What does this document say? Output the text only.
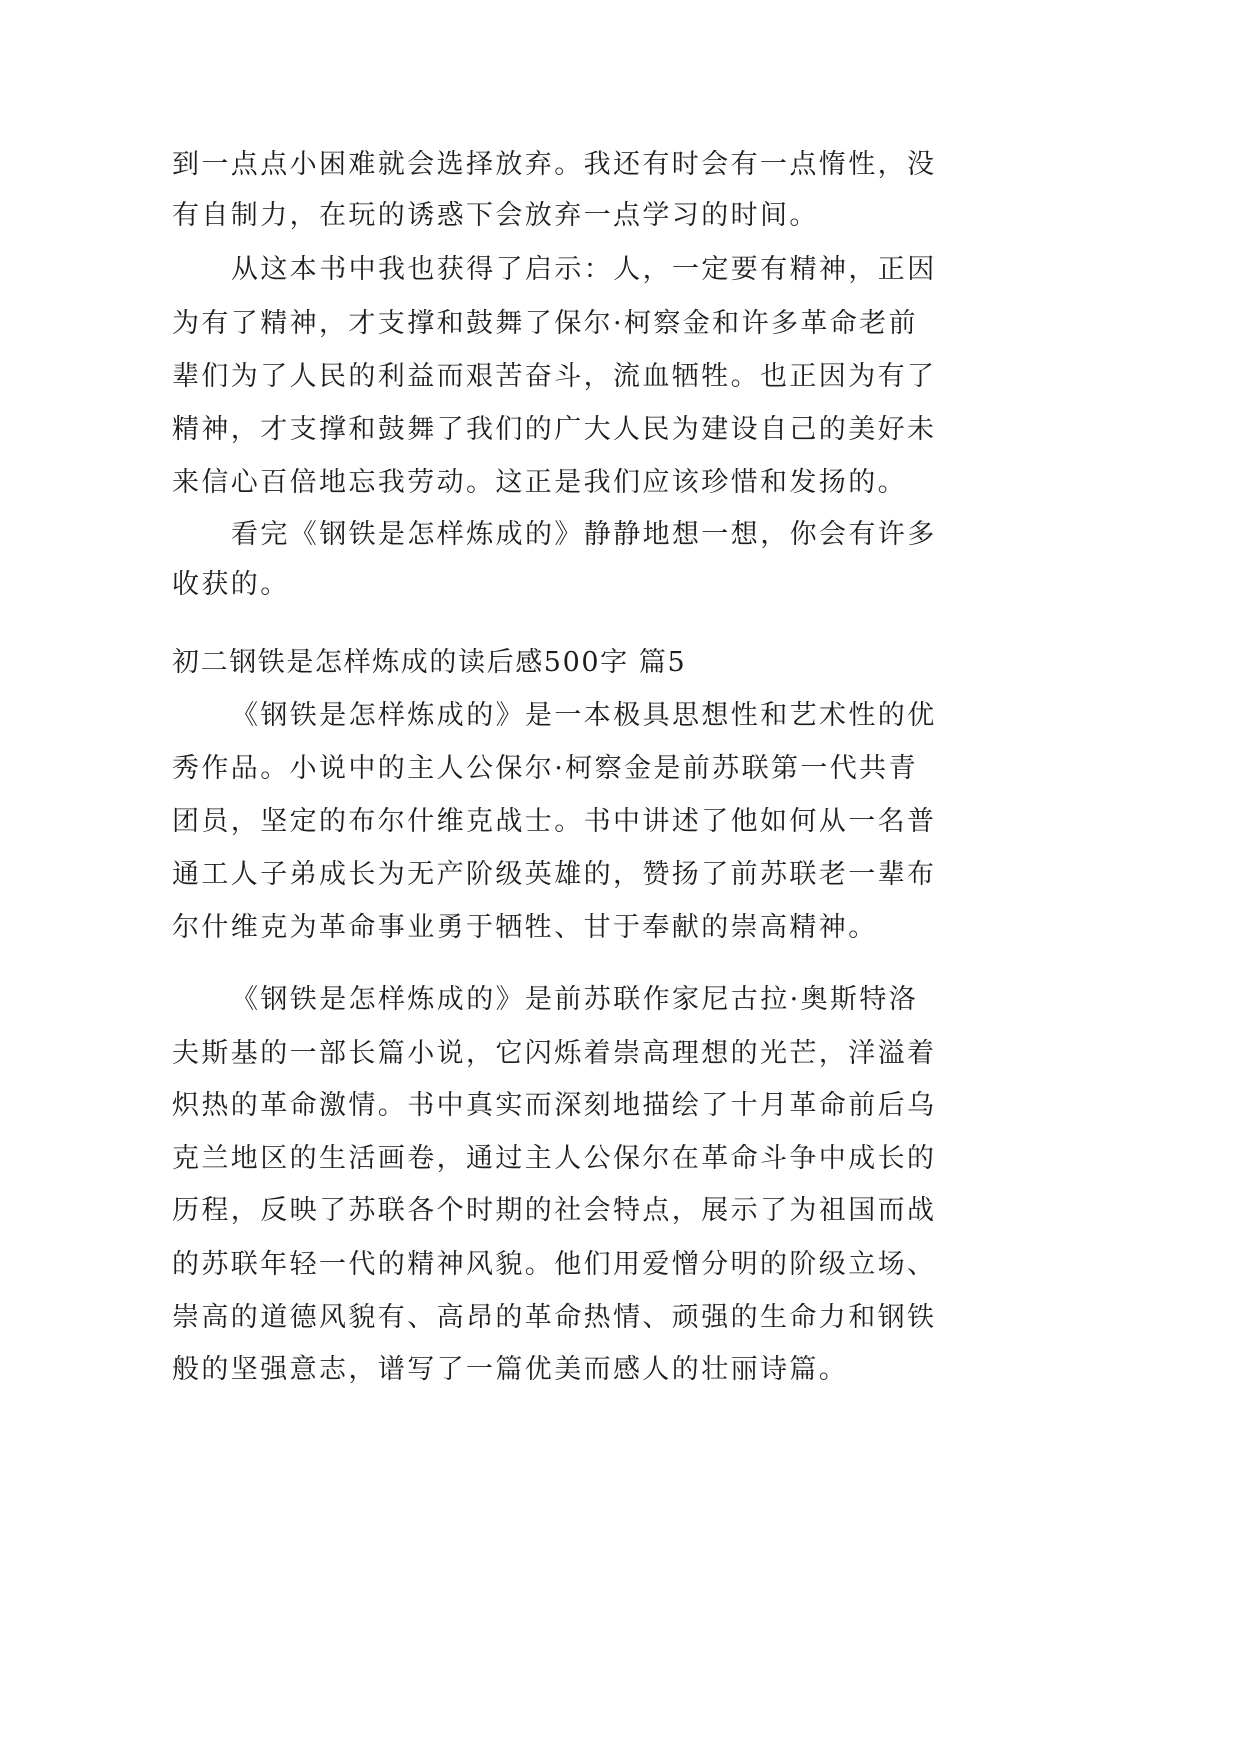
到一点点小困难就会选择放弃。我还有时会有一点惰性，没
有自制力，在玩的诱惑下会放弃一点学习的时间。
从这本书中我也获得了启示：人，一定要有精神，正因
为有了精神，才支撑和鼓舞了保尔·柯察金和许多革命老前
辈们为了人民的利益而艰苦奋斗，流血牺牲。也正因为有了
精神，才支撑和鼓舞了我们的广大人民为建设自己的美好未
来信心百倍地忘我劳动。这正是我们应该珍惜和发扬的。
看完《钢铁是怎样炼成的》静静地想一想，你会有许多
收获的。
初二钢铁是怎样炼成的读后感500字 篇5
《钢铁是怎样炼成的》是一本极具思想性和艺术性的优
秀作品。小说中的主人公保尔·柯察金是前苏联第一代共青
团员，坚定的布尔什维克战士。书中讲述了他如何从一名普
通工人子弟成长为无产阶级英雄的，赞扬了前苏联老一辈布
尔什维克为革命事业勇于牺牲、甘于奉献的崇高精神。
《钢铁是怎样炼成的》是前苏联作家尼古拉·奥斯特洛
夫斯基的一部长篇小说，它闪烁着崇高理想的光芒，洋溢着
炽热的革命激情。书中真实而深刻地描绘了十月革命前后乌
克兰地区的生活画卷，通过主人公保尔在革命斗争中成长的
历程，反映了苏联各个时期的社会特点，展示了为祖国而战
的苏联年轻一代的精神风貌。他们用爱憎分明的阶级立场、
崇高的道德风貌有、高昂的革命热情、顽强的生命力和钢铁
般的坚强意志，谱写了一篇优美而感人的壮丽诗篇。
